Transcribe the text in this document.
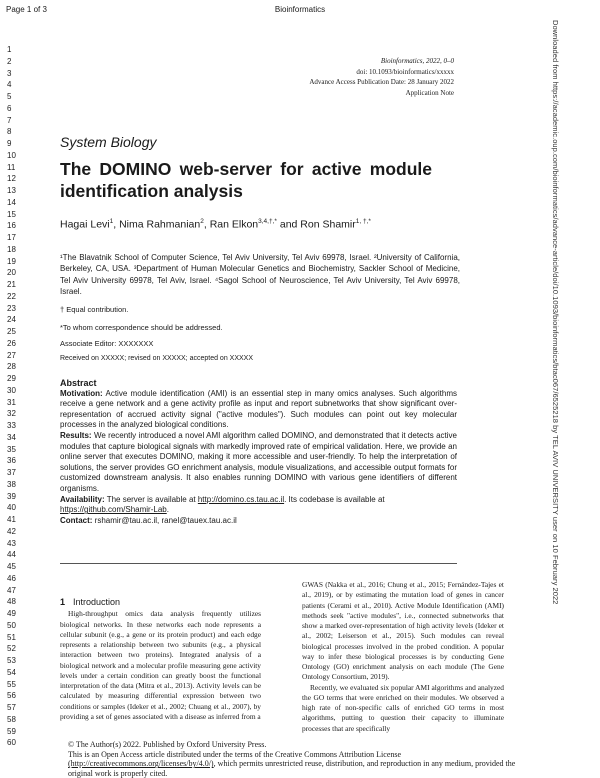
Page 1 of 3	Bioinformatics
1
2
3
4
5
6
7
8
9
10
11
12
13
14
15
16
17
18
19
20
21
22
23
24
25
26
27
28
29
30
31
32
33
34
35
36
37
38
39
40
41
42
43
44
45
46
47
48
49
50
51
52
53
54
55
56
57
58
59
60
Bioinformatics, 2022, 0–0
doi: 10.1093/bioinformatics/xxxxx
Advance Access Publication Date: 28 January 2022
Application Note	Downloaded from https://academic.oup.com/bioinformatics/advance-article/doi/10.1093/bioinformatics/btac067/6525218 by TEL AVIV UNIVERSITY user on 10 February 2022
System Biology
The DOMINO web-server for active module identification analysis
Hagai Levi$^1$, Nima Rahmanian$^2$, Ran Elkon$^{3,4,\dagger,*}$ and Ron Shamir$^{1, \dagger,*}$
¹The Blavatnik School of Computer Science, Tel Aviv University, Tel Aviv 69978, Israel. ²University of California, Berkeley, CA, USA. ³Department of Human Molecular Genetics and Biochemistry, Sackler School of Medicine, Tel Aviv University 69978, Tel Aviv, Israel. ⁴Sagol School of Neuroscience, Tel Aviv University, Tel Aviv 69978, Israel.
† Equal contribution.
*To whom correspondence should be addressed.
Associate Editor: XXXXXXX
Received on XXXXX; revised on XXXXX; accepted on XXXXX
Abstract

Motivation: Active module identification (AMI) is an essential step in many omics analyses. Such algorithms receive a gene network and a gene activity profile as input and report subnetworks that show significant over-representation of accrued activity signal ("active modules"). Such modules can point out key molecular processes in the analyzed biological conditions.

Results: We recently introduced a novel AMI algorithm called DOMINO, and demonstrated that it detects active modules that capture biological signals with markedly improved rate of empirical validation. Here, we provide an online server that executes DOMINO, making it more accessible and user-friendly. To help the interpretation of solutions, the server provides GO enrichment analysis, module visualizations, and accessible output formats for customized downstream analysis. It also enables running DOMINO with various gene identifiers of different organisms.

Availability: The server is available at http://domino.cs.tau.ac.il. Its codebase is available at
https://github.com/Shamir-Lab.

Contact: rshamir@tau.ac.il, ranel@tauex.tau.ac.il

1 Introduction

High-throughput omics data analysis frequently utilizes biological networks. In these networks each node represents a cellular subunit (e.g., a gene or its protein product) and each edge represents a relationship between two subunits (e.g., a physical interaction between two proteins). Integrated analysis of a biological network and a molecular profile measuring gene activity levels under a certain condition can greatly boost the functional interpretation of the data (Mitra et al., 2013). Activity levels can be calculated by measuring differential expression between two conditions or samples (Ideker et al., 2002; Chuang et al., 2007), by providing a set of genes associated with a disease as inferred from a

GWAS (Nakka et al., 2016; Chung et al., 2015; Fernández-Tajes et al., 2019), or by estimating the mutation load of genes in cancer patients (Cerami et al., 2010). Active Module Identification (AMI) methods seek "active modules", i.e., connected subnetworks that show a marked over-representation of high activity levels (Ideker et al., 2002; Leiserson et al., 2015). Such modules can reveal biological processes involved in the probed condition. A popular way to infer these biological processes is by conducting Gene Ontology (GO) enrichment analysis on each module (The Gene Ontology Consortium, 2019).

Recently, we evaluated six popular AMI algorithms and analyzed the GO terms that were enriched on their modules. We observed a high rate of non-specific calls of enriched GO terms in most algorithms, putting to question their capacity to illuminate processes that are specifically

© The Author(s) 2022. Published by Oxford University Press.

This is an Open Access article distributed under the terms of the Creative Commons Attribution License
(http://creativecommons.org/licenses/by/4.0/), which permits unrestricted reuse, distribution, and reproduction in any medium, provided the original work is properly cited.
